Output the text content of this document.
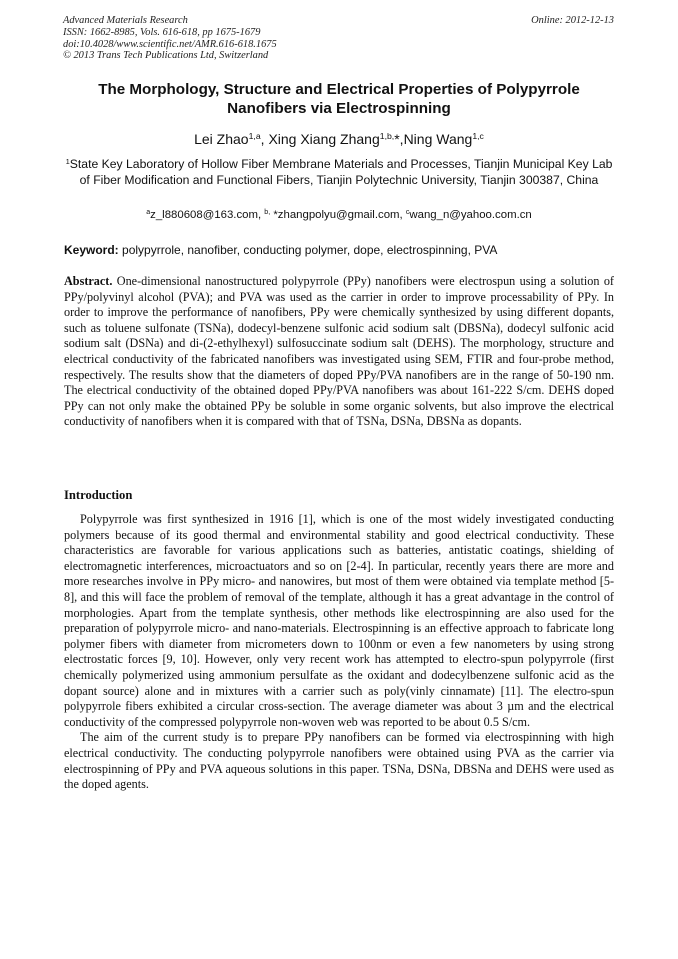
Advanced Materials Research
ISSN: 1662-8985, Vols. 616-618, pp 1675-1679
doi:10.4028/www.scientific.net/AMR.616-618.1675
© 2013 Trans Tech Publications Ltd, Switzerland
Online: 2012-12-13
The Morphology, Structure and Electrical Properties of Polypyrrole
Nanofibers via Electrospinning
Lei Zhao$^{1,a}$, Xing Xiang Zhang$^{1,b,}$*,Ning Wang$^{1,c}$
$^1$State Key Laboratory of Hollow Fiber Membrane Materials and Processes, Tianjin Municipal Key Lab of Fiber Modification and Functional Fibers, Tianjin Polytechnic University, Tianjin 300387, China
$^a$z_l880608@163.com, $^{b,}$ *zhangpolyu@gmail.com, $^c$wang_n@yahoo.com.cn
Keyword: polypyrrole, nanofiber, conducting polymer, dope, electrospinning, PVA
Abstract. One-dimensional nanostructured polypyrrole (PPy) nanofibers were electrospun using a solution of PPy/polyvinyl alcohol (PVA); and PVA was used as the carrier in order to improve processability of PPy. In order to improve the performance of nanofibers, PPy were chemically synthesized by using different dopants, such as toluene sulfonate (TSNa), dodecyl-benzene sulfonic acid sodium salt (DBSNa), dodecyl sulfonic acid sodium salt (DSNa) and di-(2-ethylhexyl) sulfosuccinate sodium salt (DEHS). The morphology, structure and electrical conductivity of the fabricated nanofibers was investigated using SEM, FTIR and four-probe method, respectively. The results show that the diameters of doped PPy/PVA nanofibers are in the range of 50-190 nm. The electrical conductivity of the obtained doped PPy/PVA nanofibers was about 161-222 S/cm. DEHS doped PPy can not only make the obtained PPy be soluble in some organic solvents, but also improve the electrical conductivity of nanofibers when it is compared with that of TSNa, DSNa, DBSNa as dopants.
Introduction

Polypyrrole was first synthesized in 1916 [1], which is one of the most widely investigated conducting polymers because of its good thermal and environmental stability and good electrical conductivity. These characteristics are favorable for various applications such as batteries, antistatic coatings, shielding of electromagnetic interferences, microactuators and so on [2-4]. In particular, recently years there are more and more researches involve in PPy micro- and nanowires, but most of them were obtained via template method [5-8], and this will face the problem of removal of the template, although it has a great advantage in the control of morphologies. Apart from the template synthesis, other methods like electrospinning are also used for the preparation of polypyrrole micro- and nano-materials. Electrospinning is an effective approach to fabricate long polymer fibers with diameter from micrometers down to 100nm or even a few nanometers by using strong electrostatic forces [9, 10]. However, only very recent work has attempted to electro-spun polypyrrole (first chemically polymerized using ammonium persulfate as the oxidant and dodecylbenzene sulfonic acid as the dopant source) alone and in mixtures with a carrier such as poly(vinly cinnamate) [11]. The electro-spun polypyrrole fibers exhibited a circular cross-section. The average diameter was about 3 µm and the electrical conductivity of the compressed polypyrrole non-woven web was reported to be about 0.5 S/cm.

The aim of the current study is to prepare PPy nanofibers can be formed via electrospinning with high electrical conductivity. The conducting polypyrrole nanofibers were obtained using PVA as the carrier via electrospinning of PPy and PVA aqueous solutions in this paper. TSNa, DSNa, DBSNa and DEHS were used as the doped agents.
